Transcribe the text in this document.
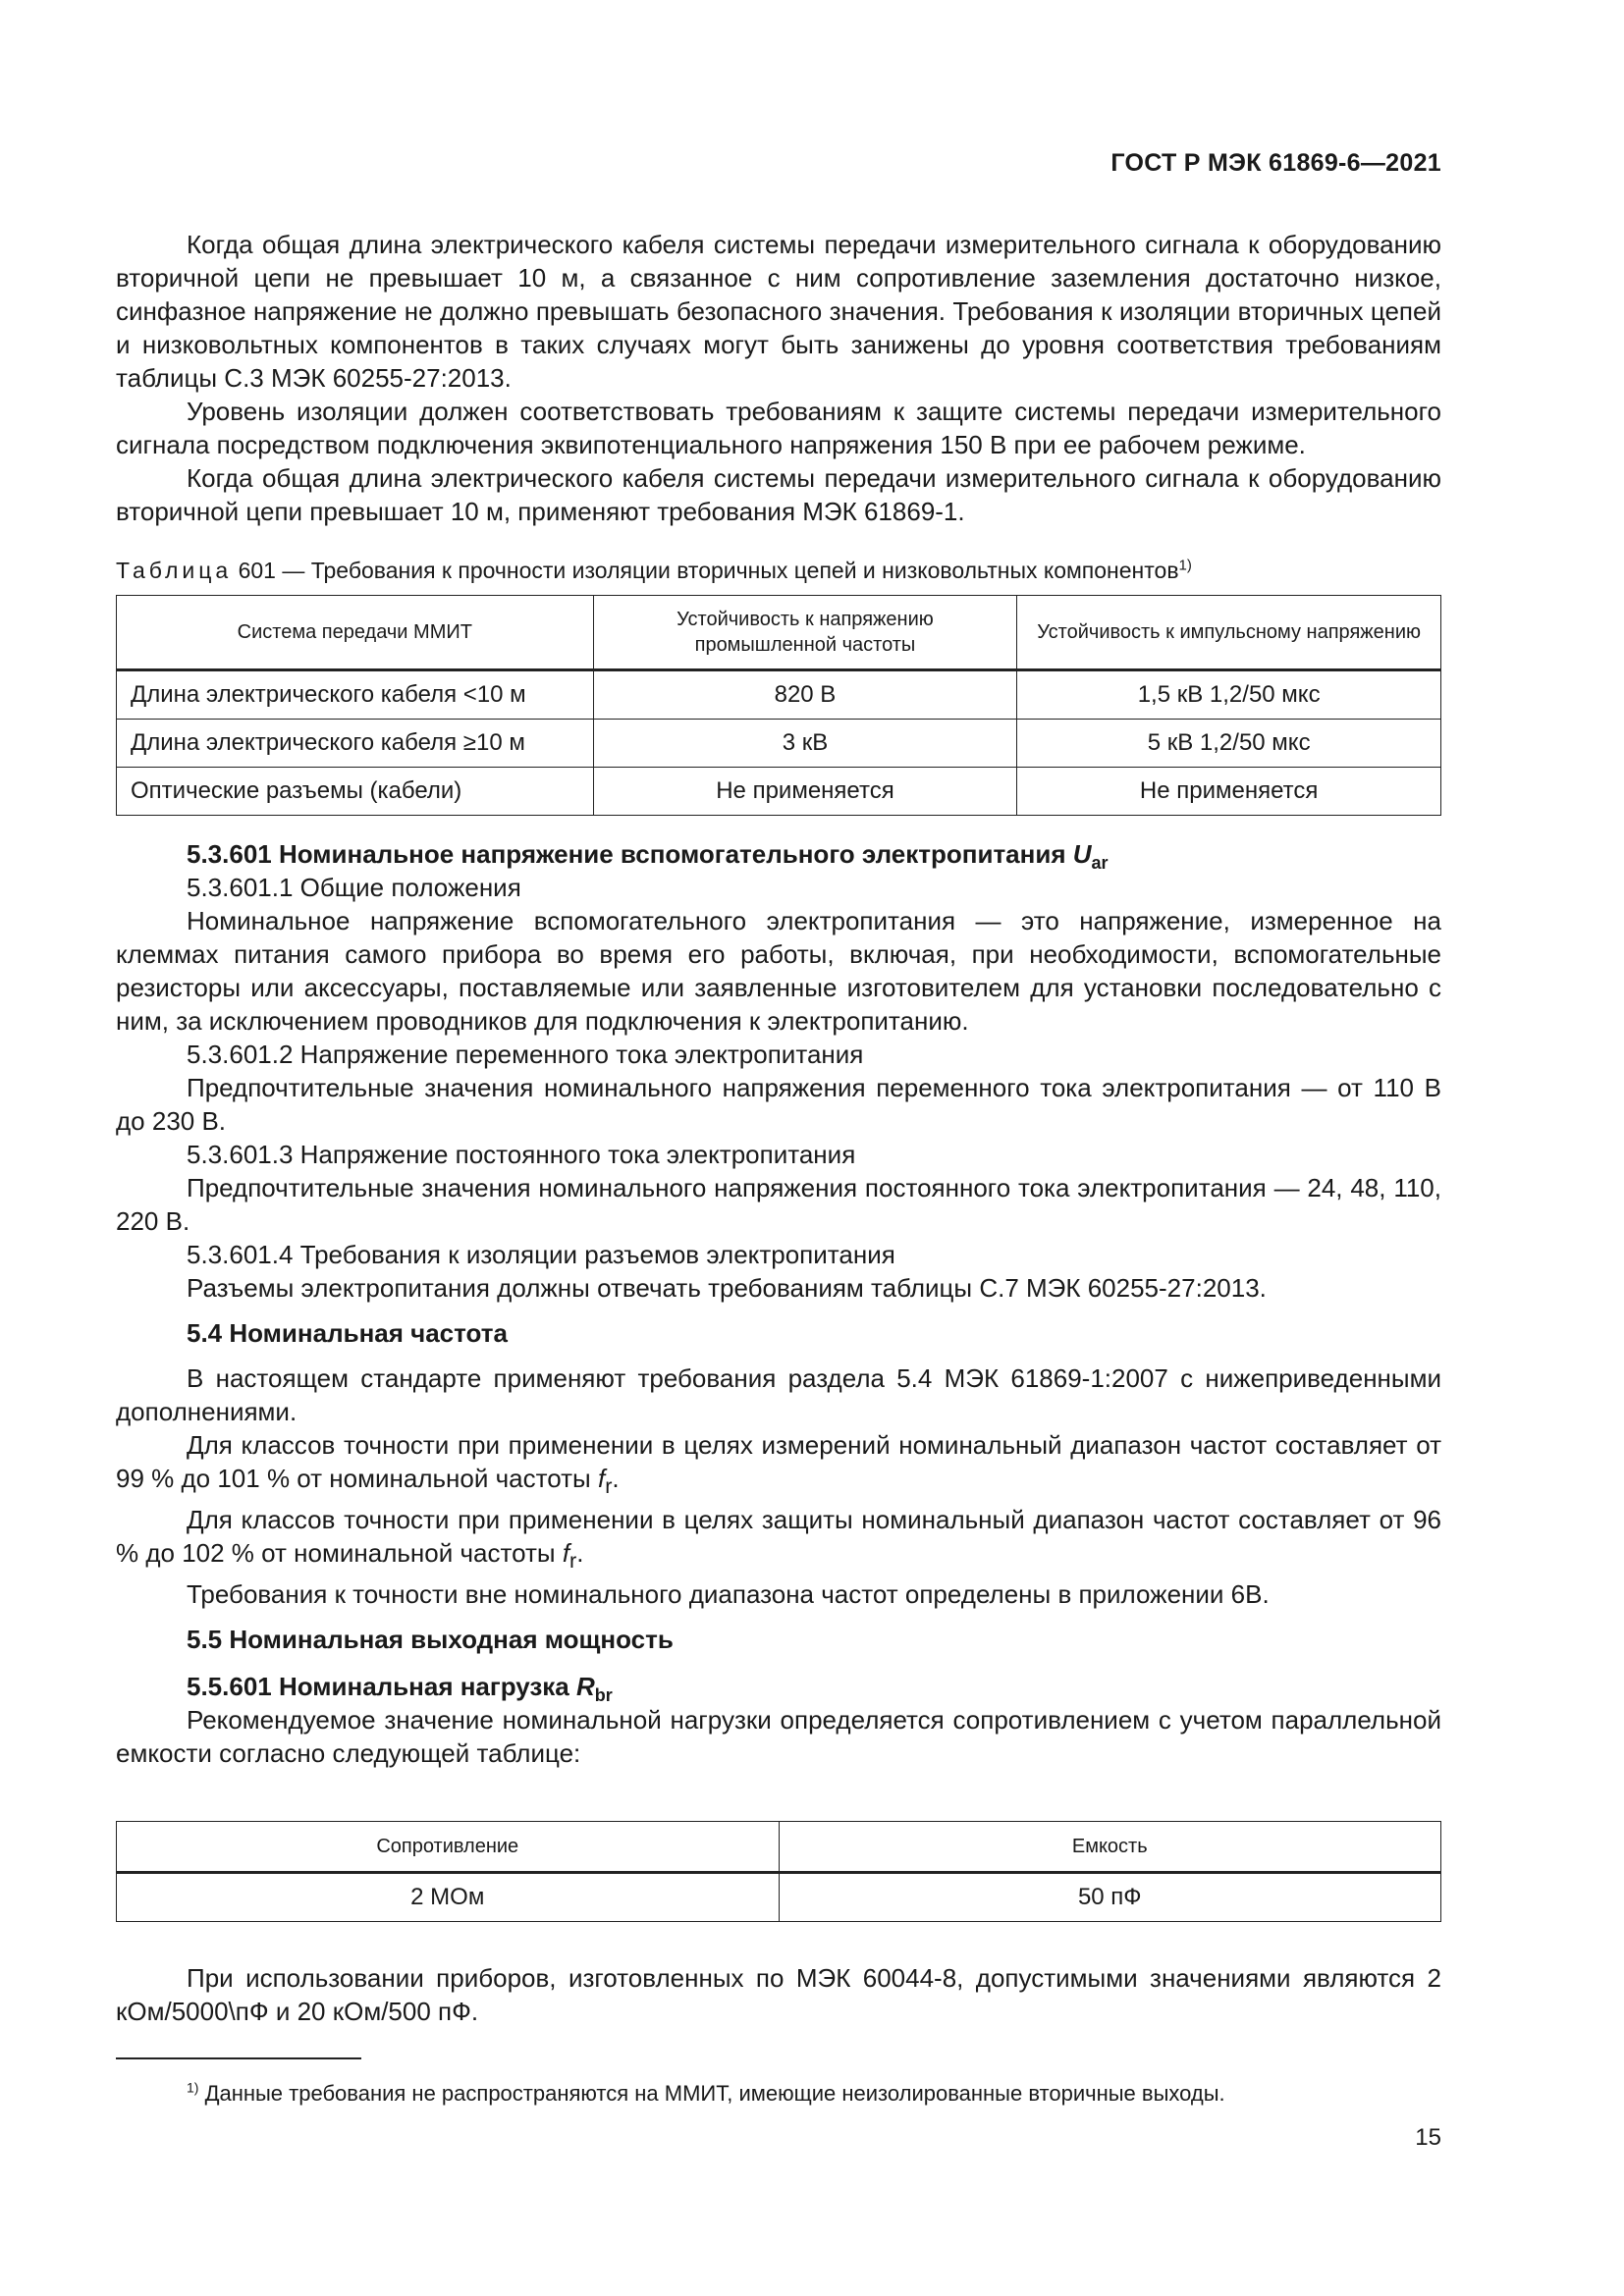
ГОСТ Р МЭК 61869-6—2021

Когда общая длина электрического кабеля системы передачи измерительного сигнала к оборудованию вторичной цепи не превышает 10 м, а связанное с ним сопротивление заземления достаточно низкое, синфазное напряжение не должно превышать безопасного значения. Требования к изоляции вторичных цепей и низковольтных компонентов в таких случаях могут быть занижены до уровня соответствия требованиям таблицы С.3 МЭК 60255-27:2013.

Уровень изоляции должен соответствовать требованиям к защите системы передачи измерительного сигнала посредством подключения эквипотенциального напряжения 150 В при ее рабочем режиме.

Когда общая длина электрического кабеля системы передачи измерительного сигнала к оборудованию вторичной цепи превышает 10 м, применяют требования МЭК 61869-1.

Таблица 601 — Требования к прочности изоляции вторичных цепей и низковольтных компонентов$^{1)}$
Система передачи ММИТ	Устойчивость к напряжению промышленной частоты	Устойчивость к импульсному напряжению
Длина электрического кабеля <10 м	820 В	1,5 кВ 1,2/50 мкс
Длина электрического кабеля ≥10 м	3 кВ	5 кВ 1,2/50 мкс
Оптические разъемы (кабели)	Не применяется	Не применяется
5.3.601 Номинальное напряжение вспомогательного электропитания $U_{ar}$
5.3.601.1 Общие положения

Номинальное напряжение вспомогательного электропитания — это напряжение, измеренное на клеммах питания самого прибора во время его работы, включая, при необходимости, вспомогательные резисторы или аксессуары, поставляемые или заявленные изготовителем для установки последовательно с ним, за исключением проводников для подключения к электропитанию.

5.3.601.2 Напряжение переменного тока электропитания

Предпочтительные значения номинального напряжения переменного тока электропитания — от 110 В до 230 В.

5.3.601.3 Напряжение постоянного тока электропитания

Предпочтительные значения номинального напряжения постоянного тока электропитания — 24, 48, 110, 220 В.

5.3.601.4 Требования к изоляции разъемов электропитания

Разъемы электропитания должны отвечать требованиям таблицы С.7 МЭК 60255-27:2013.

5.4 Номинальная частота

В настоящем стандарте применяют требования раздела 5.4 МЭК 61869-1:2007 с нижеприведенными дополнениями.

Для классов точности при применении в целях измерений номинальный диапазон частот составляет от 99 % до 101 % от номинальной частоты $f_r$.

Для классов точности при применении в целях защиты номинальный диапазон частот составляет от 96 % до 102 % от номинальной частоты $f_r$.

Требования к точности вне номинального диапазона частот определены в приложении 6В.

5.5 Номинальная выходная мощность
5.5.601 Номинальная нагрузка $R_{br}$

Рекомендуемое значение номинальной нагрузки определяется сопротивлением с учетом параллельной емкости согласно следующей таблице:

Сопротивление	Емкость
2 МОм	50 пФ

При использовании приборов, изготовленных по МЭК 60044-8, допустимыми значениями являются 2 кОм/5000\пФ и 20 кОм/500 пФ.

$^{1)}$ Данные требования не распространяются на ММИТ, имеющие неизолированные вторичные выходы.
15
